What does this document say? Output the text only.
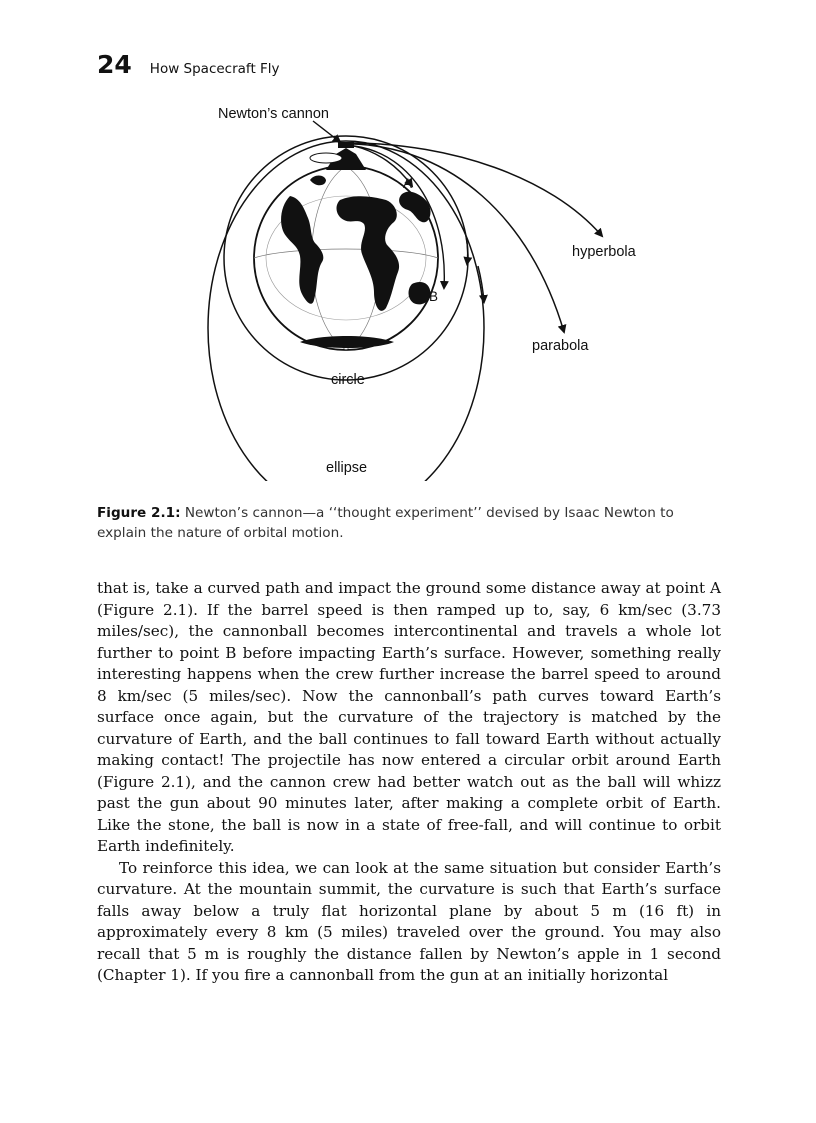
24 How Spacecraft Fly
Newton’s cannon
A
B
hyperbola
parabola
circle
ellipse
Figure 2.1: Newton’s cannon—a ‘‘thought experiment’’ devised by Isaac Newton to explain the nature of orbital motion.

that is, take a curved path and impact the ground some distance away at point A (Figure 2.1). If the barrel speed is then ramped up to, say, 6 km/sec (3.73 miles/sec), the cannonball becomes intercontinental and travels a whole lot further to point B before impacting Earth’s surface. However, something really interesting happens when the crew further increase the barrel speed to around 8 km/sec (5 miles/sec). Now the cannonball’s path curves toward Earth’s surface once again, but the curvature of the trajectory is matched by the curvature of Earth, and the ball continues to fall toward Earth without actually making contact! The projectile has now entered a circular orbit around Earth (Figure 2.1), and the cannon crew had better watch out as the ball will whizz past the gun about 90 minutes later, after making a complete orbit of Earth. Like the stone, the ball is now in a state of free-fall, and will continue to orbit Earth indefinitely.

To reinforce this idea, we can look at the same situation but consider Earth’s curvature. At the mountain summit, the curvature is such that Earth’s surface falls away below a truly flat horizontal plane by about 5 m (16 ft) in approximately every 8 km (5 miles) traveled over the ground. You may also recall that 5 m is roughly the distance fallen by Newton’s apple in 1 second (Chapter 1). If you fire a cannonball from the gun at an initially horizontal
